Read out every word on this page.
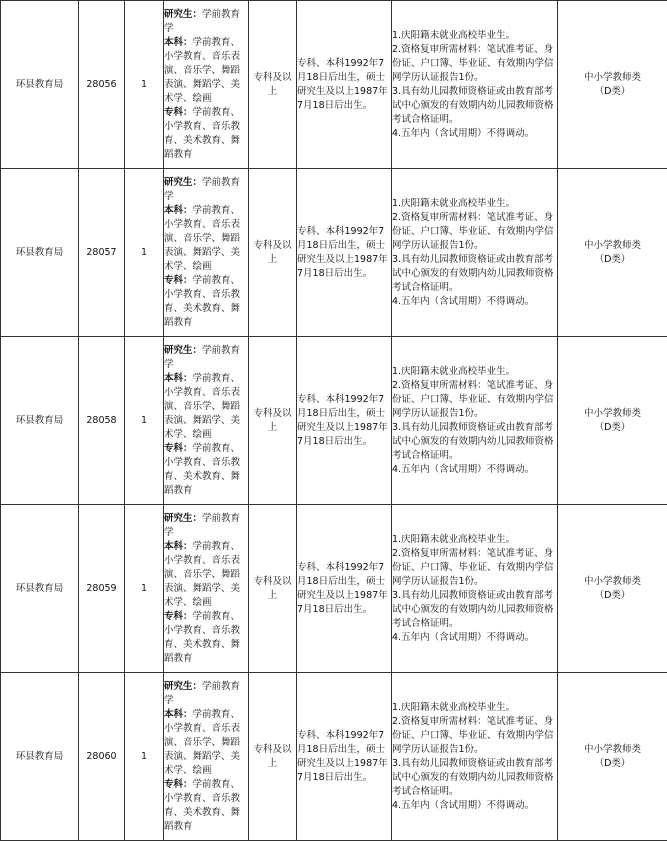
环县教育局	28056	1	研究生：学前教育学
本科：学前教育、小学教育、音乐表演、音乐学、舞蹈表演、舞蹈学、美术学、绘画
专科：学前教育、小学教育、音乐教育、美术教育、舞蹈教育	专科及以上	专科、本科1992年7月18日后出生，硕士研究生及以上1987年7月18日后出生。	1.庆阳籍未就业高校毕业生。
2.资格复审所需材料：笔试准考证、身份证、户口簿、毕业证、有效期内学信网学历认证报告1份。
3.具有幼儿园教师资格证或由教育部考试中心颁发的有效期内幼儿园教师资格考试合格证明。
4.五年内（含试用期）不得调动。	中小学教师类
（D类）

环县教育局	28057	1	研究生：学前教育学
本科：学前教育、小学教育、音乐表演、音乐学、舞蹈表演、舞蹈学、美术学、绘画
专科：学前教育、小学教育、音乐教育、美术教育、舞蹈教育	专科及以上	专科、本科1992年7月18日后出生，硕士研究生及以上1987年7月18日后出生。	1.庆阳籍未就业高校毕业生。
2.资格复审所需材料：笔试准考证、身份证、户口簿、毕业证、有效期内学信网学历认证报告1份。
3.具有幼儿园教师资格证或由教育部考试中心颁发的有效期内幼儿园教师资格考试合格证明。
4.五年内（含试用期）不得调动。	中小学教师类
（D类）

环县教育局	28058	1	研究生：学前教育学
本科：学前教育、小学教育、音乐表演、音乐学、舞蹈表演、舞蹈学、美术学、绘画
专科：学前教育、小学教育、音乐教育、美术教育、舞蹈教育	专科及以上	专科、本科1992年7月18日后出生，硕士研究生及以上1987年7月18日后出生。	1.庆阳籍未就业高校毕业生。
2.资格复审所需材料：笔试准考证、身份证、户口簿、毕业证、有效期内学信网学历认证报告1份。
3.具有幼儿园教师资格证或由教育部考试中心颁发的有效期内幼儿园教师资格考试合格证明。
4.五年内（含试用期）不得调动。	中小学教师类
（D类）

环县教育局	28059	1	研究生：学前教育学
本科：学前教育、小学教育、音乐表演、音乐学、舞蹈表演、舞蹈学、美术学、绘画
专科：学前教育、小学教育、音乐教育、美术教育、舞蹈教育	专科及以上	专科、本科1992年7月18日后出生，硕士研究生及以上1987年7月18日后出生。	1.庆阳籍未就业高校毕业生。
2.资格复审所需材料：笔试准考证、身份证、户口簿、毕业证、有效期内学信网学历认证报告1份。
3.具有幼儿园教师资格证或由教育部考试中心颁发的有效期内幼儿园教师资格考试合格证明。
4.五年内（含试用期）不得调动。	中小学教师类
（D类）

环县教育局	28060	1	研究生：学前教育学
本科：学前教育、小学教育、音乐表演、音乐学、舞蹈表演、舞蹈学、美术学、绘画
专科：学前教育、小学教育、音乐教育、美术教育、舞蹈教育	专科及以上	专科、本科1992年7月18日后出生，硕士研究生及以上1987年7月18日后出生。	1.庆阳籍未就业高校毕业生。
2.资格复审所需材料：笔试准考证、身份证、户口簿、毕业证、有效期内学信网学历认证报告1份。
3.具有幼儿园教师资格证或由教育部考试中心颁发的有效期内幼儿园教师资格考试合格证明。
4.五年内（含试用期）不得调动。	中小学教师类
（D类）
